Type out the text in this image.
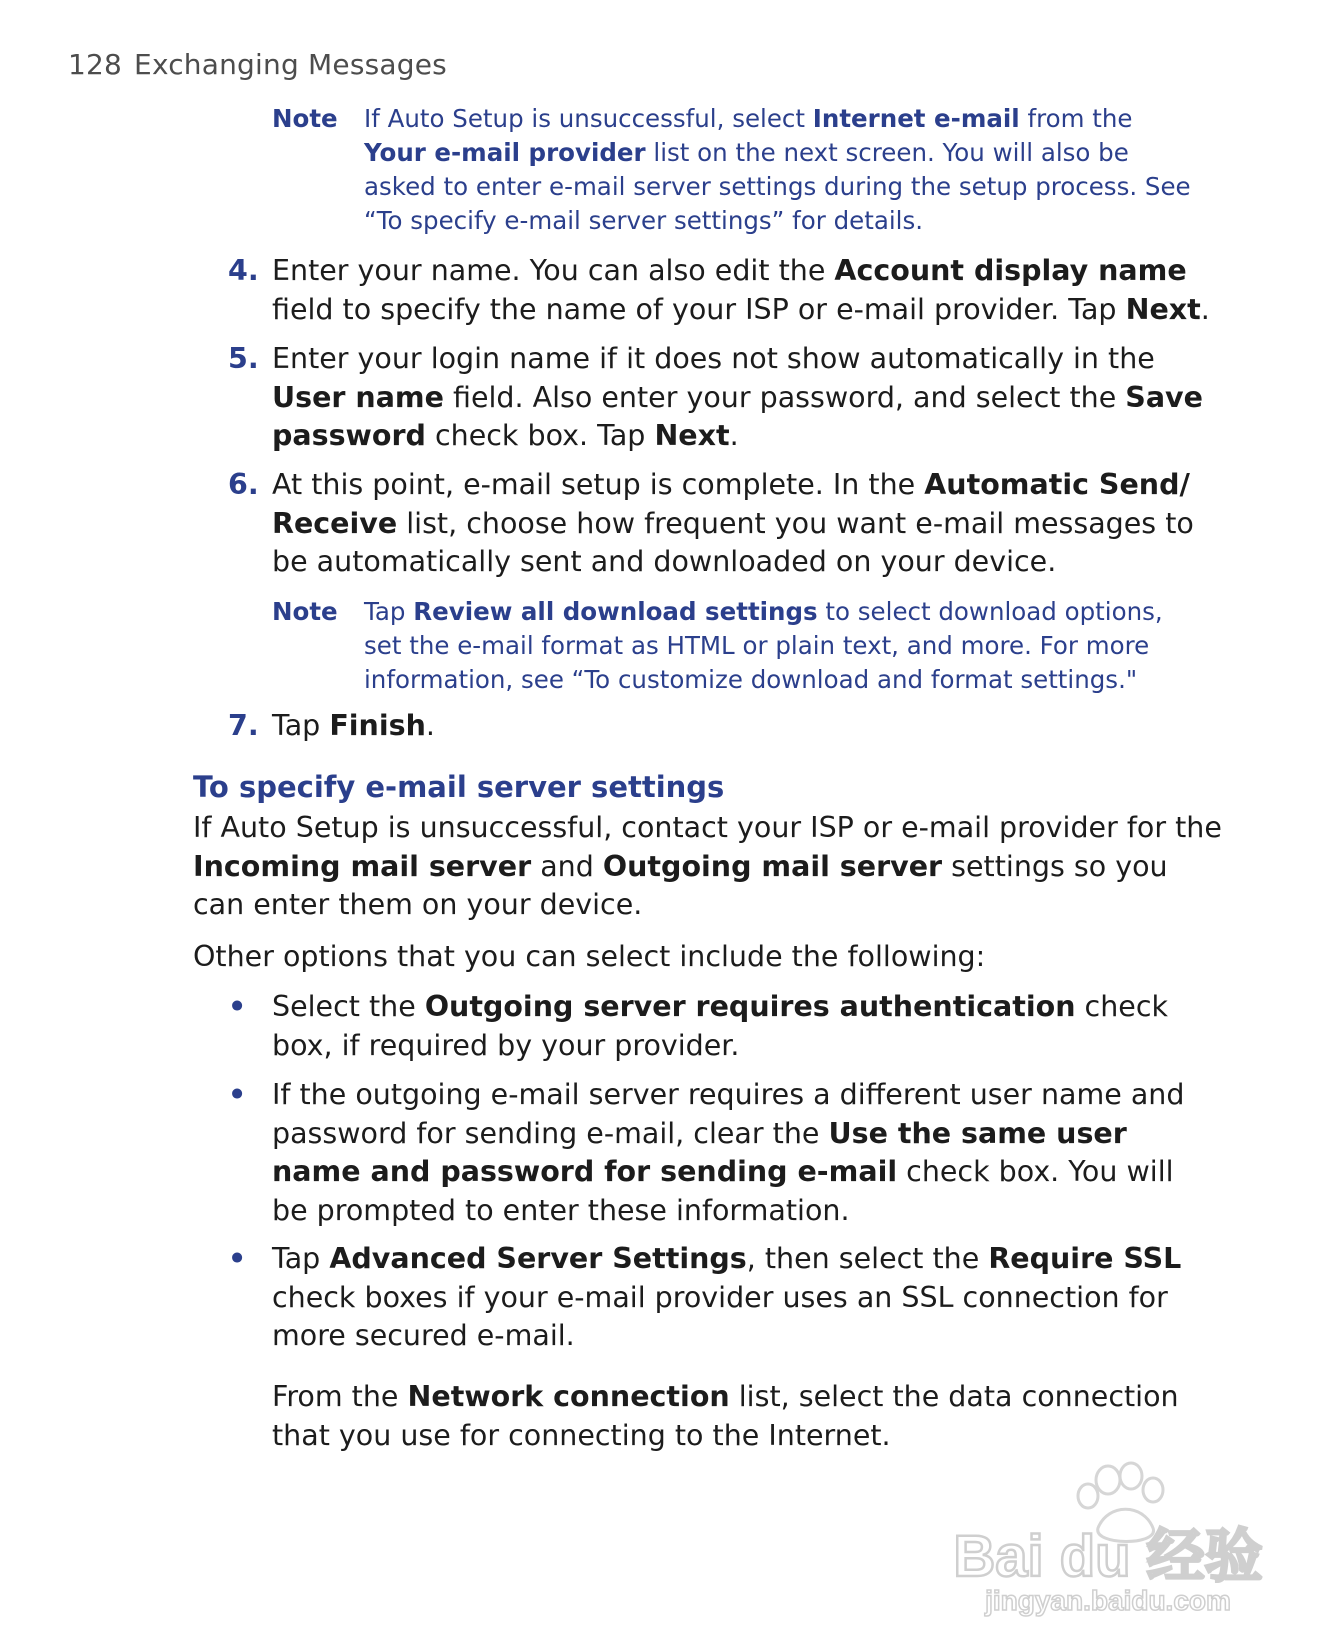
128 Exchanging Messages
Note	If Auto Setup is unsuccessful, select Internet e-mail from the Your e-mail provider list on the next screen. You will also be asked to enter e-mail server settings during the setup process. See “To specify e-mail server settings” for details.
4. Enter your name. You can also edit the Account display name field to specify the name of your ISP or e-mail provider. Tap Next.
5. Enter your login name if it does not show automatically in the User name field. Also enter your password, and select the Save password check box. Tap Next.
6. At this point, e-mail setup is complete. In the Automatic Send/ Receive list, choose how frequent you want e-mail messages to be automatically sent and downloaded on your device.
Note	Tap Review all download settings to select download options, set the e-mail format as HTML or plain text, and more. For more information, see “To customize download and format settings."
7. Tap Finish.
To specify e-mail server settings
If Auto Setup is unsuccessful, contact your ISP or e-mail provider for the Incoming mail server and Outgoing mail server settings so you can enter them on your device.
Other options that you can select include the following:
• Select the Outgoing server requires authentication check box, if required by your provider.
• If the outgoing e-mail server requires a different user name and password for sending e-mail, clear the Use the same user name and password for sending e-mail check box. You will be prompted to enter these information.
• Tap Advanced Server Settings, then select the Require SSL check boxes if your e-mail provider uses an SSL connection for more secured e-mail.
From the Network connection list, select the data connection that you use for connecting to the Internet.
Bai du 经验
jingyan.baidu.com
